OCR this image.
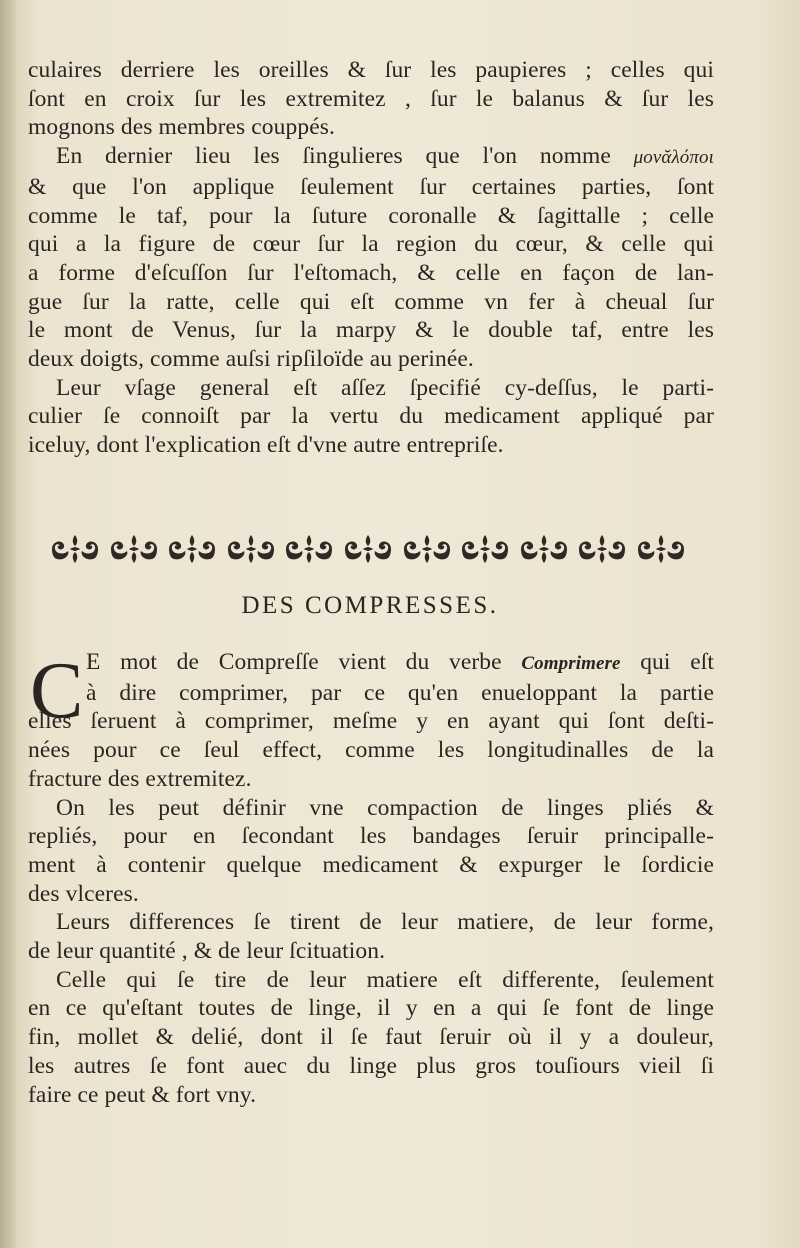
culaires derriere les oreilles & ſur les paupieres ; celles qui
ſont en croix ſur les extremitez , ſur le balanus & ſur les
mognons des membres couppés.
En dernier lieu les ſingulieres que l'on nomme μονᾰλόπoι
& que l'on applique ſeulement ſur certaines parties, ſont
comme le taf, pour la ſuture coronalle & ſagittalle ; celle
qui a la figure de cœur ſur la region du cœur, & celle qui
a forme d'eſcuſſon ſur l'eſtomach, & celle en façon de lan-
gue ſur la ratte, celle qui eſt comme vn fer à cheual ſur
le mont de Venus, ſur la marpy & le double taf, entre les
deux doigts, comme auſsi ripſiloïde au perinée.
Leur vſage general eſt aſſez ſpecifié cy-deſſus, le parti-
culier ſe connoiſt par la vertu du medicament appliqué par
iceluy, dont l'explication eſt d'vne autre entrepriſe.
DES COMPRESSES.
C E mot de Compreſſe vient du verbe Comprimere qui eſt
à dire comprimer, par ce qu'en enueloppant la partie
elles ſeruent à comprimer, meſme y en ayant qui ſont deſti-
nées pour ce ſeul effect, comme les longitudinalles de la
fracture des extremitez.
On les peut définir vne compaction de linges pliés &
repliés, pour en ſecondant les bandages ſeruir principalle-
ment à contenir quelque medicament & expurger le ſordicie
des vlceres.
Leurs differences ſe tirent de leur matiere, de leur forme,
de leur quantité , & de leur ſcituation.
Celle qui ſe tire de leur matiere eſt differente, ſeulement
en ce qu'eſtant toutes de linge, il y en a qui ſe font de linge
fin, mollet & delié, dont il ſe faut ſeruir où il y a douleur,
les autres ſe font auec du linge plus gros touſiours vieil ſi
faire ce peut & fort vny.
